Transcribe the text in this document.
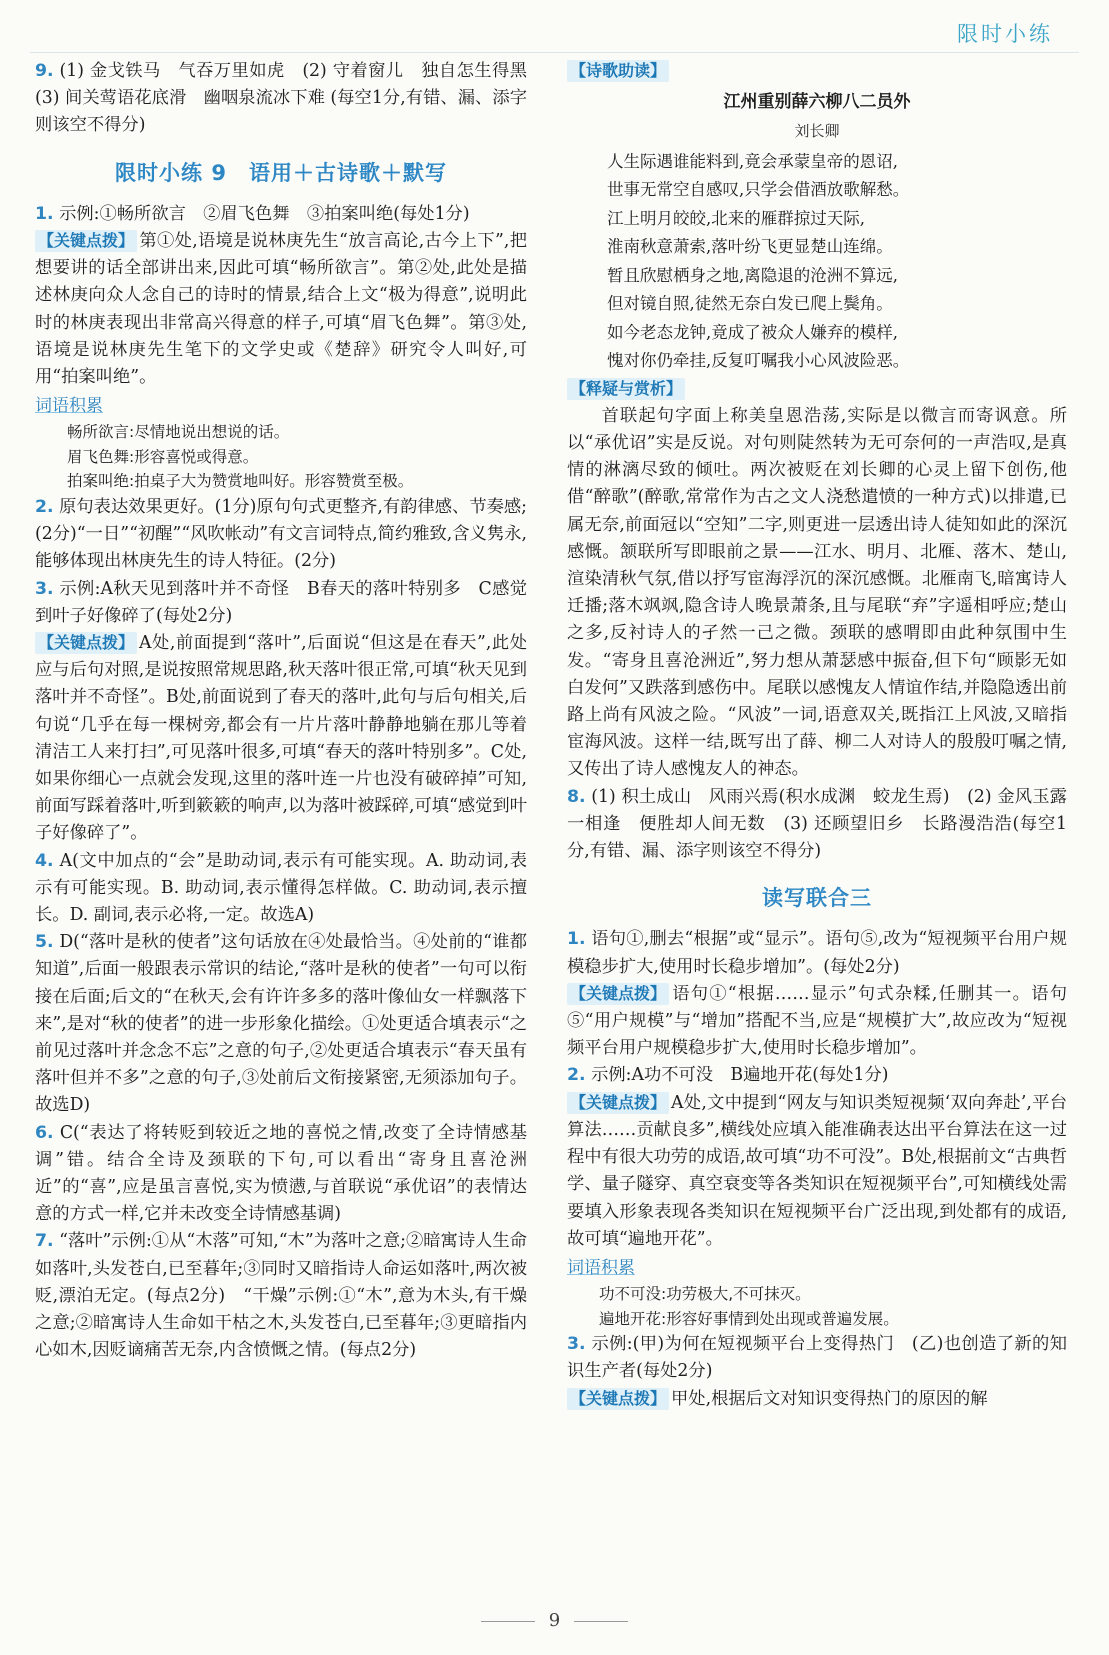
限时小练

9. (1) 金戈铁马　气吞万里如虎　(2) 守着窗儿　独自怎生得黑　(3) 间关莺语花底滑　幽咽泉流冰下难 (每空1分,有错、漏、添字则该空不得分)

限时小练 9　语用＋古诗歌＋默写

1. 示例:①畅所欲言　②眉飞色舞　③拍案叫绝(每处1分)

【关键点拨】 第①处,语境是说林庚先生“放言高论,古今上下”,把想要讲的话全部讲出来,因此可填“畅所欲言”。第②处,此处是描述林庚向众人念自己的诗时的情景,结合上文“极为得意”,说明此时的林庚表现出非常高兴得意的样子,可填“眉飞色舞”。第③处,语境是说林庚先生笔下的文学史或《楚辞》研究令人叫好,可用“拍案叫绝”。

词语积累
畅所欲言:尽情地说出想说的话。
眉飞色舞:形容喜悦或得意。
拍案叫绝:拍桌子大为赞赏地叫好。形容赞赏至极。

2. 原句表达效果更好。(1分)原句句式更整齐,有韵律感、节奏感;(2分)“一日”“初醒”“风吹帐动”有文言词特点,简约雅致,含义隽永,能够体现出林庚先生的诗人特征。(2分)

3. 示例:A秋天见到落叶并不奇怪　B春天的落叶特别多　C感觉到叶子好像碎了(每处2分)

【关键点拨】 A处,前面提到“落叶”,后面说“但这是在春天”,此处应与后句对照,是说按照常规思路,秋天落叶很正常,可填“秋天见到落叶并不奇怪”。B处,前面说到了春天的落叶,此句与后句相关,后句说“几乎在每一棵树旁,都会有一片片落叶静静地躺在那儿等着清洁工人来打扫”,可见落叶很多,可填“春天的落叶特别多”。C处,如果你细心一点就会发现,这里的落叶连一片也没有破碎掉”可知,前面写踩着落叶,听到簌簌的响声,以为落叶被踩碎,可填“感觉到叶子好像碎了”。

4. A(文中加点的“会”是助动词,表示有可能实现。A. 助动词,表示有可能实现。B. 助动词,表示懂得怎样做。C. 助动词,表示擅长。D. 副词,表示必将,一定。故选A)

5. D(“落叶是秋的使者”这句话放在④处最恰当。④处前的“谁都知道”,后面一般跟表示常识的结论,“落叶是秋的使者”一句可以衔接在后面;后文的“在秋天,会有许许多多的落叶像仙女一样飘落下来”,是对“秋的使者”的进一步形象化描绘。①处更适合填表示“之前见过落叶并念念不忘”之意的句子,②处更适合填表示“春天虽有落叶但并不多”之意的句子,③处前后文衔接紧密,无须添加句子。故选D)

6. C(“表达了将转贬到较近之地的喜悦之情,改变了全诗情感基调”错。结合全诗及颈联的下句,可以看出“寄身且喜沧洲近”的“喜”,应是虽言喜悦,实为愤懑,与首联说“承优诏”的表情达意的方式一样,它并未改变全诗情感基调)

7. “落叶”示例:①从“木落”可知,“木”为落叶之意;②暗寓诗人生命如落叶,头发苍白,已至暮年;③同时又暗指诗人命运如落叶,两次被贬,漂泊无定。(每点2分)　“干燥”示例:①“木”,意为木头,有干燥之意;②暗寓诗人生命如干枯之木,头发苍白,已至暮年;③更暗指内心如木,因贬谪痛苦无奈,内含愤慨之情。(每点2分)

【诗歌助读】
江州重别薛六柳八二员外
刘长卿
人生际遇谁能料到,竟会承蒙皇帝的恩诏,
世事无常空自感叹,只学会借酒放歌解愁。
江上明月皎皎,北来的雁群掠过天际,
淮南秋意萧索,落叶纷飞更显楚山连绵。
暂且欣慰栖身之地,离隐退的沧洲不算远,
但对镜自照,徒然无奈白发已爬上鬓角。
如今老态龙钟,竟成了被众人嫌弃的模样,
愧对你仍牵挂,反复叮嘱我小心风波险恶。
【释疑与赏析】

首联起句字面上称美皇恩浩荡,实际是以微言而寄讽意。所以“承优诏”实是反说。对句则陡然转为无可奈何的一声浩叹,是真情的淋漓尽致的倾吐。两次被贬在刘长卿的心灵上留下创伤,他借“醉歌”(醉歌,常常作为古之文人浇愁遣愤的一种方式)以排遣,已属无奈,前面冠以“空知”二字,则更进一层透出诗人徒知如此的深沉感慨。颔联所写即眼前之景——江水、明月、北雁、落木、楚山,渲染清秋气氛,借以抒写宦海浮沉的深沉感慨。北雁南飞,暗寓诗人迁播;落木飒飒,隐含诗人晚景萧条,且与尾联“弃”字遥相呼应;楚山之多,反衬诗人的孑然一己之微。颈联的感喟即由此种氛围中生发。“寄身且喜沧洲近”,努力想从萧瑟感中振奋,但下句“顾影无如白发何”又跌落到感伤中。尾联以感愧友人情谊作结,并隐隐透出前路上尚有风波之险。“风波”一词,语意双关,既指江上风波,又暗指宦海风波。这样一结,既写出了薛、柳二人对诗人的殷殷叮嘱之情,又传出了诗人感愧友人的神态。

8. (1) 积土成山　风雨兴焉(积水成渊　蛟龙生焉)　(2) 金风玉露一相逢　便胜却人间无数　(3) 还顾望旧乡　长路漫浩浩(每空1分,有错、漏、添字则该空不得分)

读写联合三

1. 语句①,删去“根据”或“显示”。语句⑤,改为“短视频平台用户规模稳步扩大,使用时长稳步增加”。(每处2分)

【关键点拨】 语句①“根据……显示”句式杂糅,任删其一。语句⑤“用户规模”与“增加”搭配不当,应是“规模扩大”,故应改为“短视频平台用户规模稳步扩大,使用时长稳步增加”。

2. 示例:A功不可没　B遍地开花(每处1分)

【关键点拨】 A处,文中提到“网友与知识类短视频‘双向奔赴’,平台算法……贡献良多”,横线处应填入能准确表达出平台算法在这一过程中有很大功劳的成语,故可填“功不可没”。B处,根据前文“古典哲学、量子隧穿、真空衰变等各类知识在短视频平台”,可知横线处需要填入形象表现各类知识在短视频平台广泛出现,到处都有的成语,故可填“遍地开花”。

词语积累
功不可没:功劳极大,不可抹灭。
遍地开花:形容好事情到处出现或普遍发展。

3. 示例:(甲)为何在短视频平台上变得热门　(乙)也创造了新的知识生产者(每处2分)

【关键点拨】 甲处,根据后文对知识变得热门的原因的解

9
